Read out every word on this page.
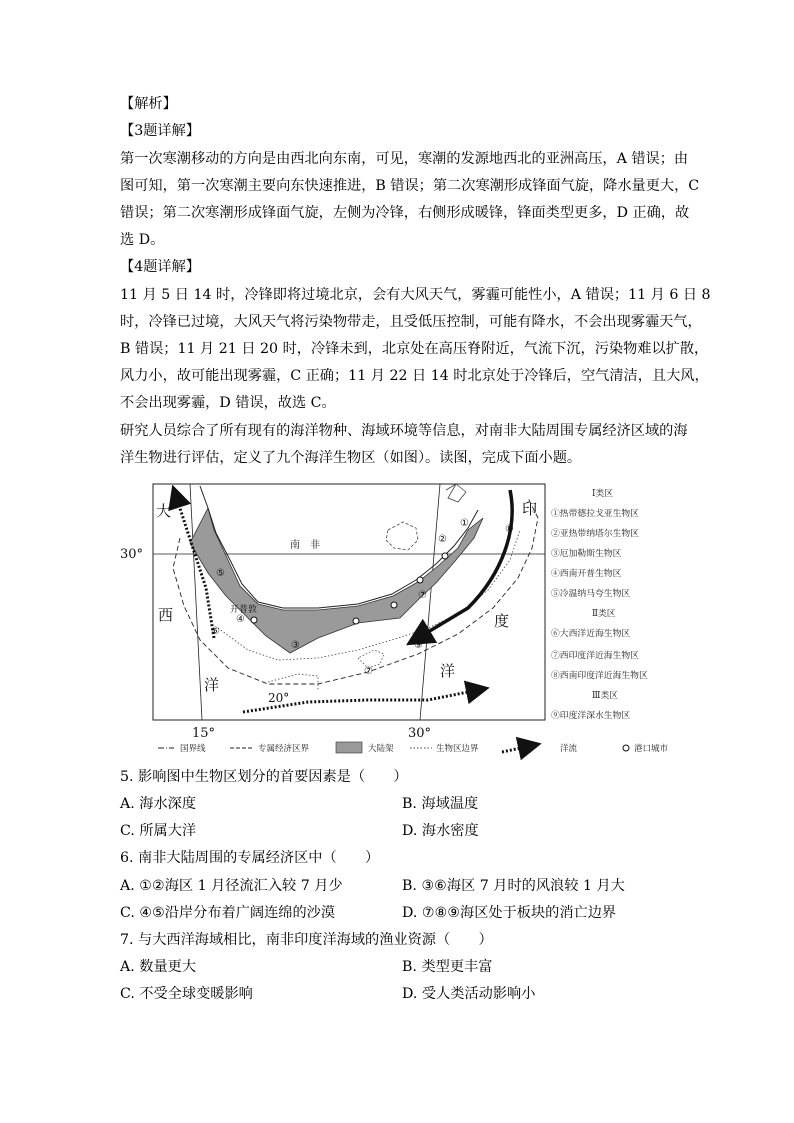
【解析】
【3题详解】
第一次寒潮移动的方向是由西北向东南，可见，寒潮的发源地西北的亚洲高压，A 错误；由
图可知，第一次寒潮主要向东快速推进，B 错误；第二次寒潮形成锋面气旋，降水量更大，C
错误；第二次寒潮形成锋面气旋，左侧为冷锋，右侧形成暖锋，锋面类型更多，D 正确，故
选 D。
【4题详解】
11 月 5 日 14 时，冷锋即将过境北京，会有大风天气，雾霾可能性小，A 错误；11 月 6 日 8
时，冷锋已过境，大风天气将污染物带走，且受低压控制，可能有降水，不会出现雾霾天气，
B 错误；11 月 21 日 20 时，冷锋未到，北京处在高压脊附近，气流下沉，污染物难以扩散，
风力小，故可能出现雾霾，C 正确；11 月 22 日 14 时北京处于冷锋后，空气清洁，且大风，
不会出现雾霾，D 错误，故选 C。
研究人员综合了所有现有的海洋物种、海域环境等信息，对南非大陆周围专属经济区域的海
洋生物进行评估，定义了九个海洋生物区（如图）。读图，完成下面小题。
①
②
③
④
⑤
⑥
⑦
⑧
⑨
⑦
南　非
开普敦
大
西
洋
印
度
洋
30°
20°
15°	30°
Ⅰ类区
①热带德拉戈亚生物区
②亚热带纳塔尔生物区
③厄加勒斯生物区
④西南开普生物区
⑤冷温纳马夸生物区
Ⅱ类区
⑥大西洋近海生物区
⑦西印度洋近海生物区
⑧西南印度洋近海生物区
Ⅲ类区
⑨印度洋深水生物区
国界线	专属经济区界	大陆架	生物区边界	洋流	港口城市
5. 影响图中生物区划分的首要因素是（　　）
A. 海水深度	B. 海域温度
C. 所属大洋	D. 海水密度
6. 南非大陆周围的专属经济区中（　　）
A. ①②海区 1 月径流汇入较 7 月少	B. ③⑥海区 7 月时的风浪较 1 月大
C. ④⑤沿岸分布着广阔连绵的沙漠	D. ⑦⑧⑨海区处于板块的消亡边界
7. 与大西洋海域相比，南非印度洋海域的渔业资源（　　）
A. 数量更大	B. 类型更丰富
C. 不受全球变暖影响	D. 受人类活动影响小
